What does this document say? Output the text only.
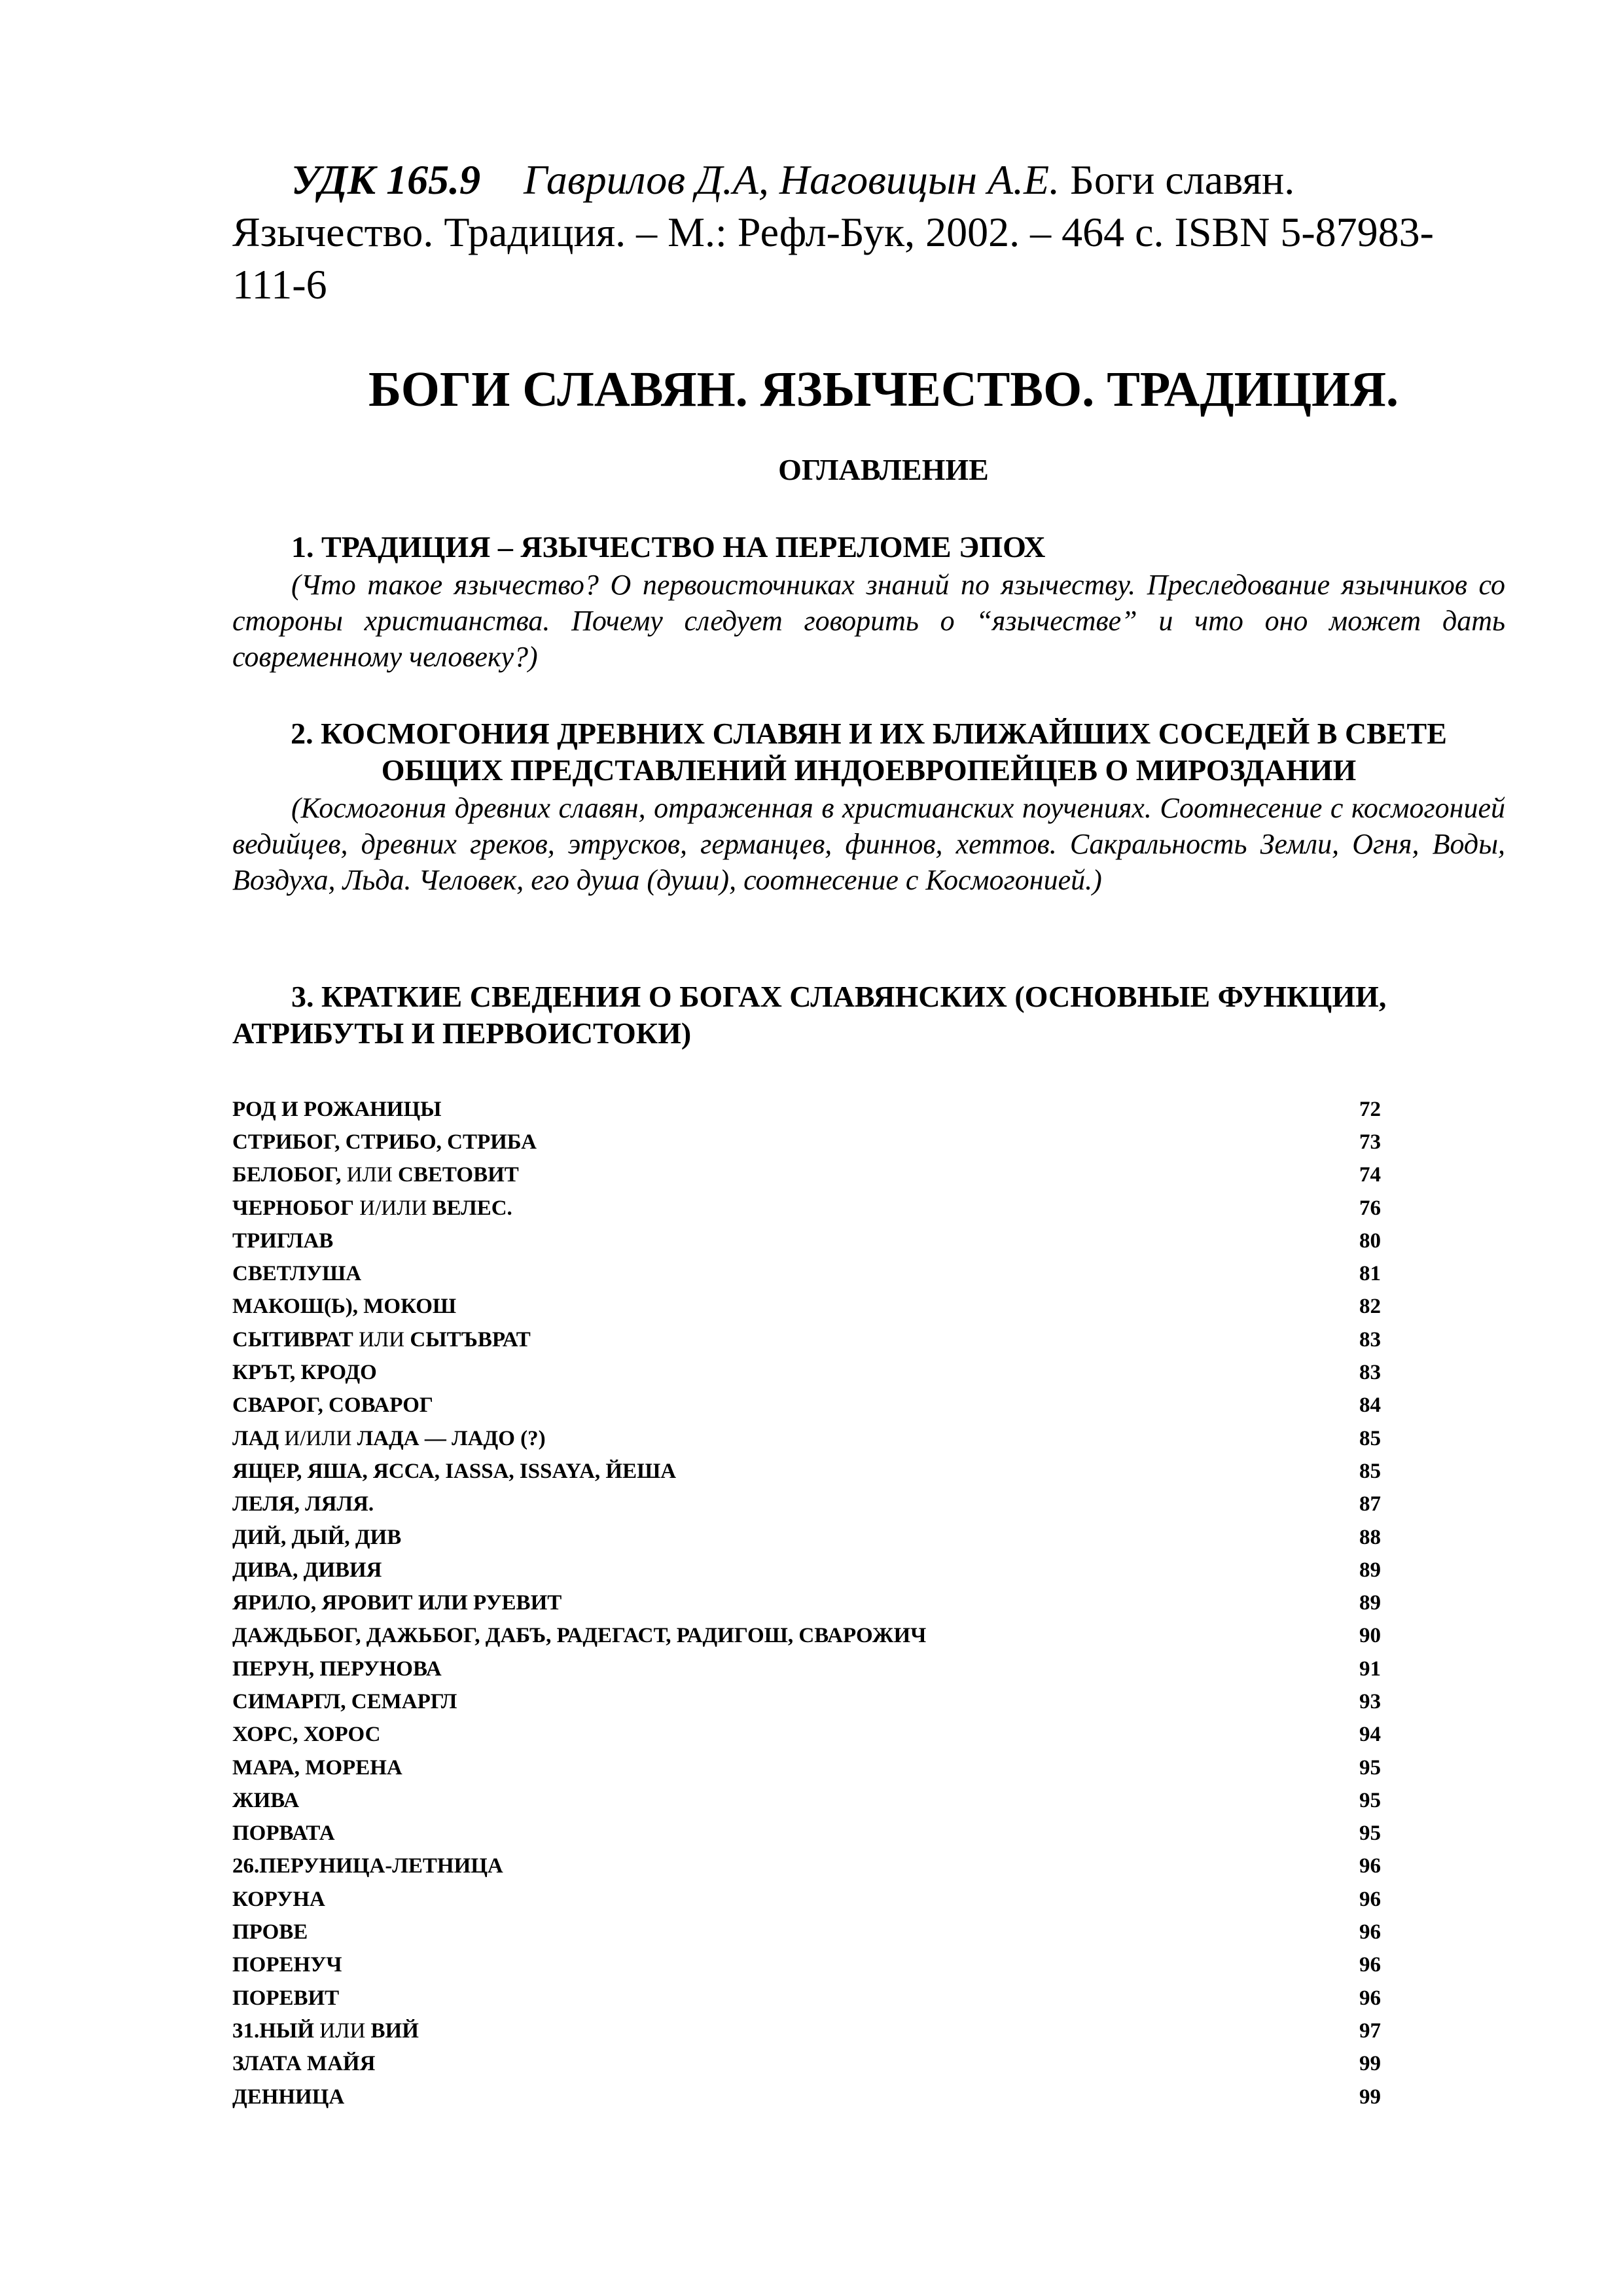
УДК 165.9 Гаврилов Д.А, Наговицын А.Е. Боги славян. Язычество. Традиция. – М.: Рефл-Бук, 2002. – 464 с. ISBN 5-87983-111-6
БОГИ СЛАВЯН. ЯЗЫЧЕСТВО. ТРАДИЦИЯ.
ОГЛАВЛЕНИЕ
1. ТРАДИЦИЯ – ЯЗЫЧЕСТВО НА ПЕРЕЛОМЕ ЭПОХ
(Что такое язычество? О первоисточниках знаний по язычеству. Преследование язычников со стороны христианства. Почему следует говорить о “язычестве” и что оно может дать современному человеку?)
2. КОСМОГОНИЯ ДРЕВНИХ СЛАВЯН И ИХ БЛИЖАЙШИХ СОСЕДЕЙ В СВЕТЕ ОБЩИХ ПРЕДСТАВЛЕНИЙ ИНДОЕВРОПЕЙЦЕВ О МИРОЗДАНИИ
(Космогония древних славян, отраженная в христианских поучениях. Соотнесение с космогонией ведийцев, древних греков, этрусков, германцев, финнов, хеттов. Сакральность Земли, Огня, Воды, Воздуха, Льда. Человек, его душа (души), соотнесение с Космогонией.)
3. КРАТКИЕ СВЕДЕНИЯ О БОГАХ СЛАВЯНСКИХ (ОСНОВНЫЕ ФУНКЦИИ, АТРИБУТЫ И ПЕРВОИСТОКИ)
РОД И РОЖАНИЦЫ	72
СТРИБОГ, СТРИБО, СТРИБА	73
БЕЛОБОГ, ИЛИ СВЕТОВИТ	74
ЧЕРНОБОГ И/ИЛИ ВЕЛЕС.	76
ТРИГЛАВ	80
СВЕТЛУША	81
МАКОШ(Ь), МОКОШ	82
СЫТИВРАТ ИЛИ СЫТЪВРАТ	83
КРЪТ, КРОДО	83
СВАРОГ, СОВАРОГ	84
ЛАД И/ИЛИ ЛАДА — ЛАДО (?)	85
ЯЩЕР, ЯША, ЯССА, IASSA, ISSAYA, ЙЕША	85
ЛЕЛЯ, ЛЯЛЯ.	87
ДИЙ, ДЫЙ, ДИВ	88
ДИВА, ДИВИЯ	89
ЯРИЛО, ЯРОВИТ ИЛИ РУЕВИТ	89
ДАЖДЬБОГ, ДАЖЬБОГ, ДАБЪ, РАДЕГАСТ, РАДИГОШ, СВАРОЖИЧ	90
ПЕРУН, ПЕРУНОВА	91
СИМАРГЛ, СЕМАРГЛ	93
ХОРС, ХОРОС	94
МАРА, МОРЕНА	95
ЖИВА	95
ПОРВАТА	95
26.ПЕРУНИЦА-ЛЕТНИЦА	96
КОРУНА	96
ПРОВЕ	96
ПОРЕНУЧ	96
ПОРЕВИТ	96
31.НЫЙ ИЛИ ВИЙ	97
ЗЛАТА МАЙЯ	99
ДЕННИЦА	99
